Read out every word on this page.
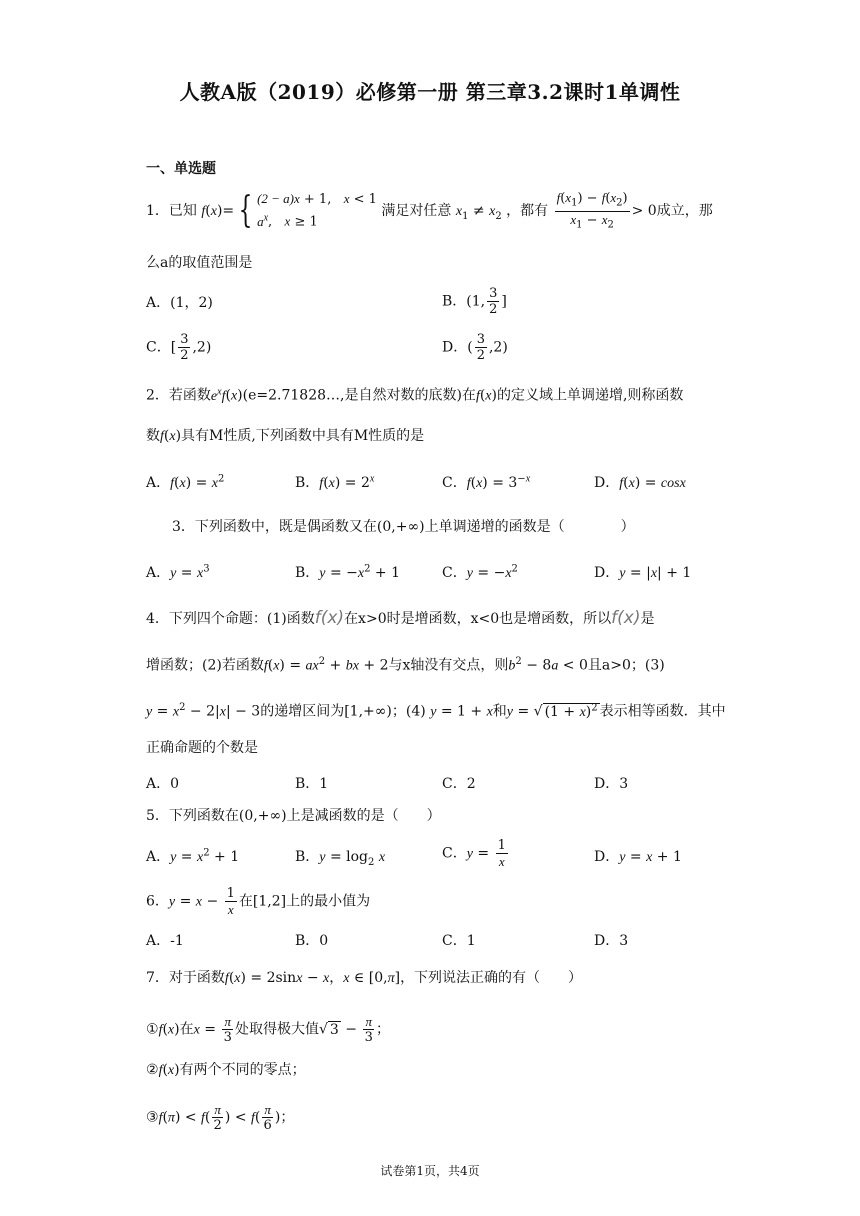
人教A版（2019）必修第一册 第三章3.2课时1单调性
一、单选题
1．已知 f(x)= { (2 − a)x + 1,   x < 1
$a^x$,   x ≥ 1 满足对任意 $x_1 \ne x_2$ ，都有 $\frac{f(x_1) - f(x_2)}{x_1 - x_2} > 0$成立，那
么a的取值范围是
A．(1，2)	B．(1, $\frac{3}{2}$ ]
C．[ $\frac{3}{2} ,2$)	D．( $\frac{3}{2} ,2$)
2．若函数$e^xf(x)(e=2.71828\dots$,是自然对数的底数)在f(x)的定义域上单调递增,则称函数
数f(x)具有M性质,下列函数中具有M性质的是
A．$f(x) = x^2$	B．$f(x) = 2^x$	C．$f(x) = 3^{-x}$	D．f(x) = cosx
3．下列函数中，既是偶函数又在(0,+∞)上单调递增的函数是（　　　　）
A．$y = x^3$	B．$y = -x^2 + 1$	C．$y = -x^2$	D．y = |x| + 1
4．下列四个命题：(1)函数f(x)在x>0时是增函数，x<0也是增函数，所以f(x)是
增函数；(2)若函数$f(x) = ax^2$ + bx + 2与x轴没有交点，则$b^2 - 8a < 0$且a>0；(3)
$y = x^2 - 2|x| - 3$的递增区间为[1,+∞)；(4) y = 1 + x和y = √ $(1 + x)^2$ 表示相等函数．其中
正确命题的个数是
A．0	B．1	C．2	D．3
5．下列函数在(0,+∞)上是减函数的是（　　）
A．$y = x^2 + 1$	B．$y = \log_2 x$	C．$y = \frac{1}{x}$	D．y = x + 1
6．$y = x - \frac{1}{x}$ 在[1,2]上的最小值为
A．-1	B．0	C．1	D．3
7．对于函数f(x) = 2sinx − x，x ∈ [0,π]，下列说法正确的有（　　）
①f(x)在$x = \frac{\pi}{3}$ 处取得极大值√ $3 - \frac{\pi}{3}$ ；
②f(x)有两个不同的零点；
③f(π) < $f( \frac{\pi}{2}$ ) < $f( \frac{\pi}{6}$ )；
试卷第1页，共4页
